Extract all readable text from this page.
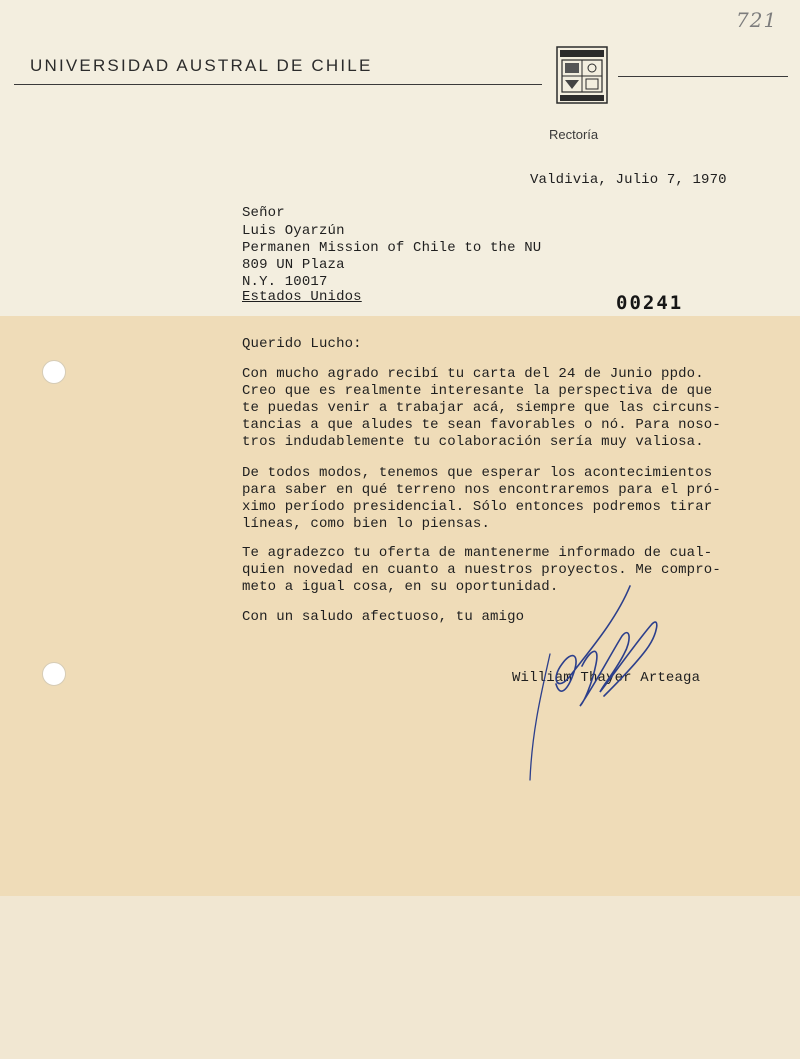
721
UNIVERSIDAD AUSTRAL DE CHILE
Rectoría
Valdivia, Julio 7, 1970
Señor
Luis Oyarzún
Permanen Mission of Chile to the NU
809 UN Plaza
N.Y. 10017
Estados Unidos	00241
Querido Lucho:
Con mucho agrado recibí tu carta del 24 de Junio ppdo.
Creo que es realmente interesante la perspectiva de que
te puedas venir a trabajar acá, siempre que las circuns-
tancias a que aludes te sean favorables o nó. Para noso-
tros indudablemente tu colaboración sería muy valiosa.
De todos modos, tenemos que esperar los acontecimientos
para saber en qué terreno nos encontraremos para el pró-
ximo período presidencial. Sólo entonces podremos tirar
líneas, como bien lo piensas.
Te agradezco tu oferta de mantenerme informado de cual-
quien novedad en cuanto a nuestros proyectos. Me compro-
meto a igual cosa, en su oportunidad.
Con un saludo afectuoso, tu amigo
William Thayer Arteaga
